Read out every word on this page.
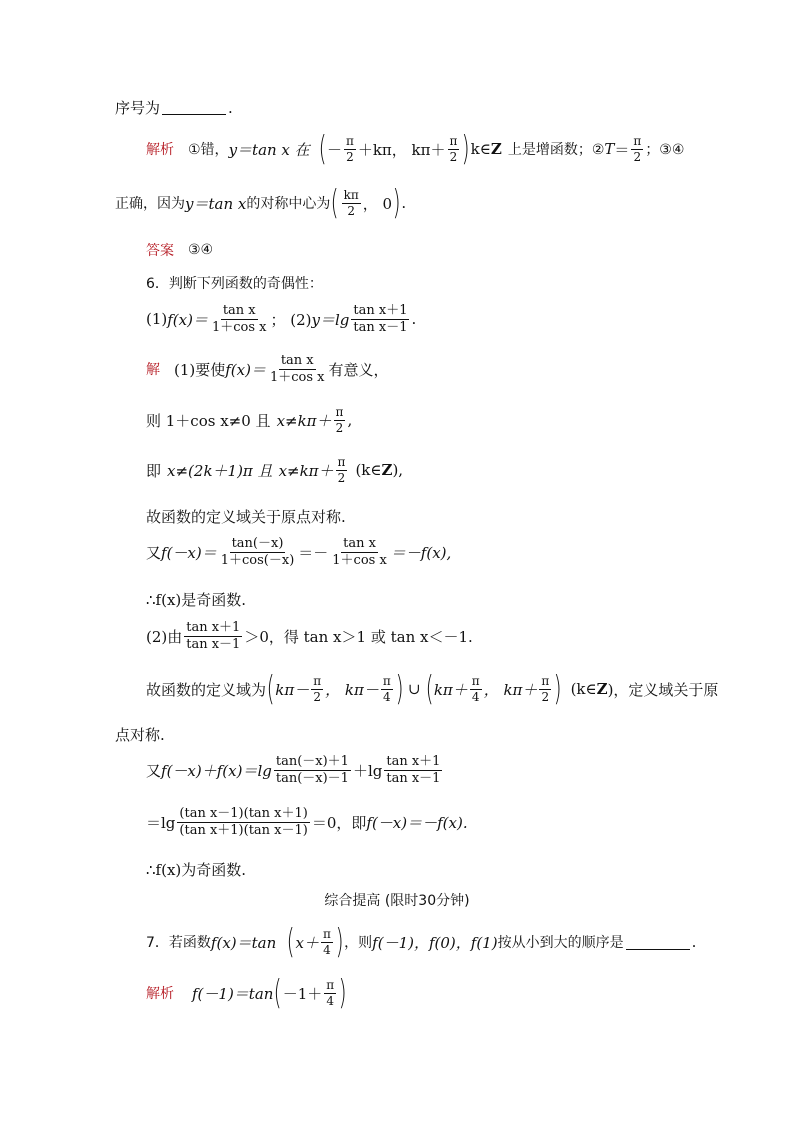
序号为	.
解析 ①错， y＝tan x 在 ( － $\frac{\pi}{2} +k\pi$， $k\pi+ \frac{\pi}{2}$ ) k∈ Z 上是增函数；② $T = \frac{\pi}{2}$ ；③④
正确，因为 y＝tan x 的对称中心为 ( $\frac{k\pi}{2}$ ， 0 ) .
答案 ③④
6．判断下列函数的奇偶性：
(1) $f(x)= \frac{\text{tan x}}{\text{1＋cos x}}$ ； (2) $y=\lg \frac{\text{tan x＋1}}{\text{tan x－1}}$ .
解 (1)要使 $f(x)= \frac{\text{tan x}}{\text{1＋cos x}}$ 有意义，
则 1＋cos x≠0 且 $x\ne k\pi+ \frac{\pi}{2}$ ,
即 x≠(2k＋1)π 且 $x\ne k\pi+ \frac{\pi}{2}$ (k∈ Z ),
故函数的定义域关于原点对称.
又 $f(-x)= \frac{\tan(-x)}{1+\cos(-x)} =- \frac{\text{tan x}}{\text{1＋cos x}} =-f(x)$,
∴f(x)是奇函数.
(2)由 $\frac{\text{tan x＋1}}{\text{tan x－1}} >0$，得 tan x＞1 或 tan x＜－1.
故函数的定义域为 ( $k\pi- \frac{\pi}{2}$ ， $k\pi- \frac{\pi}{4}$ ) ∪ ( $k\pi+ \frac{\pi}{4}$ ， $k\pi+ \frac{\pi}{2}$ ) (k∈ Z )，定义域关于原
点对称.
又 $f(-x)+f(x)=\lg \frac{\tan(-x)+1}{\tan(-x)-1} +\lg \frac{\text{tan x＋1}}{\text{tan x－1}}$
$=\lg \frac{\text{(tan x－1)(tan x＋1)}}{\text{(tan x＋1)(tan x－1)}} =0$，即 f(－x)＝－f(x).
∴f(x)为奇函数.
综合提高 (限时30分钟)
7．若函数 f(x)＝tan ( $x+ \frac{\pi}{4}$ ) ，则 f(－1)，f(0)，f(1) 按从小到大的顺序是	.
解析 f(－1)＝tan ( $-1+ \frac{\pi}{4}$ )
